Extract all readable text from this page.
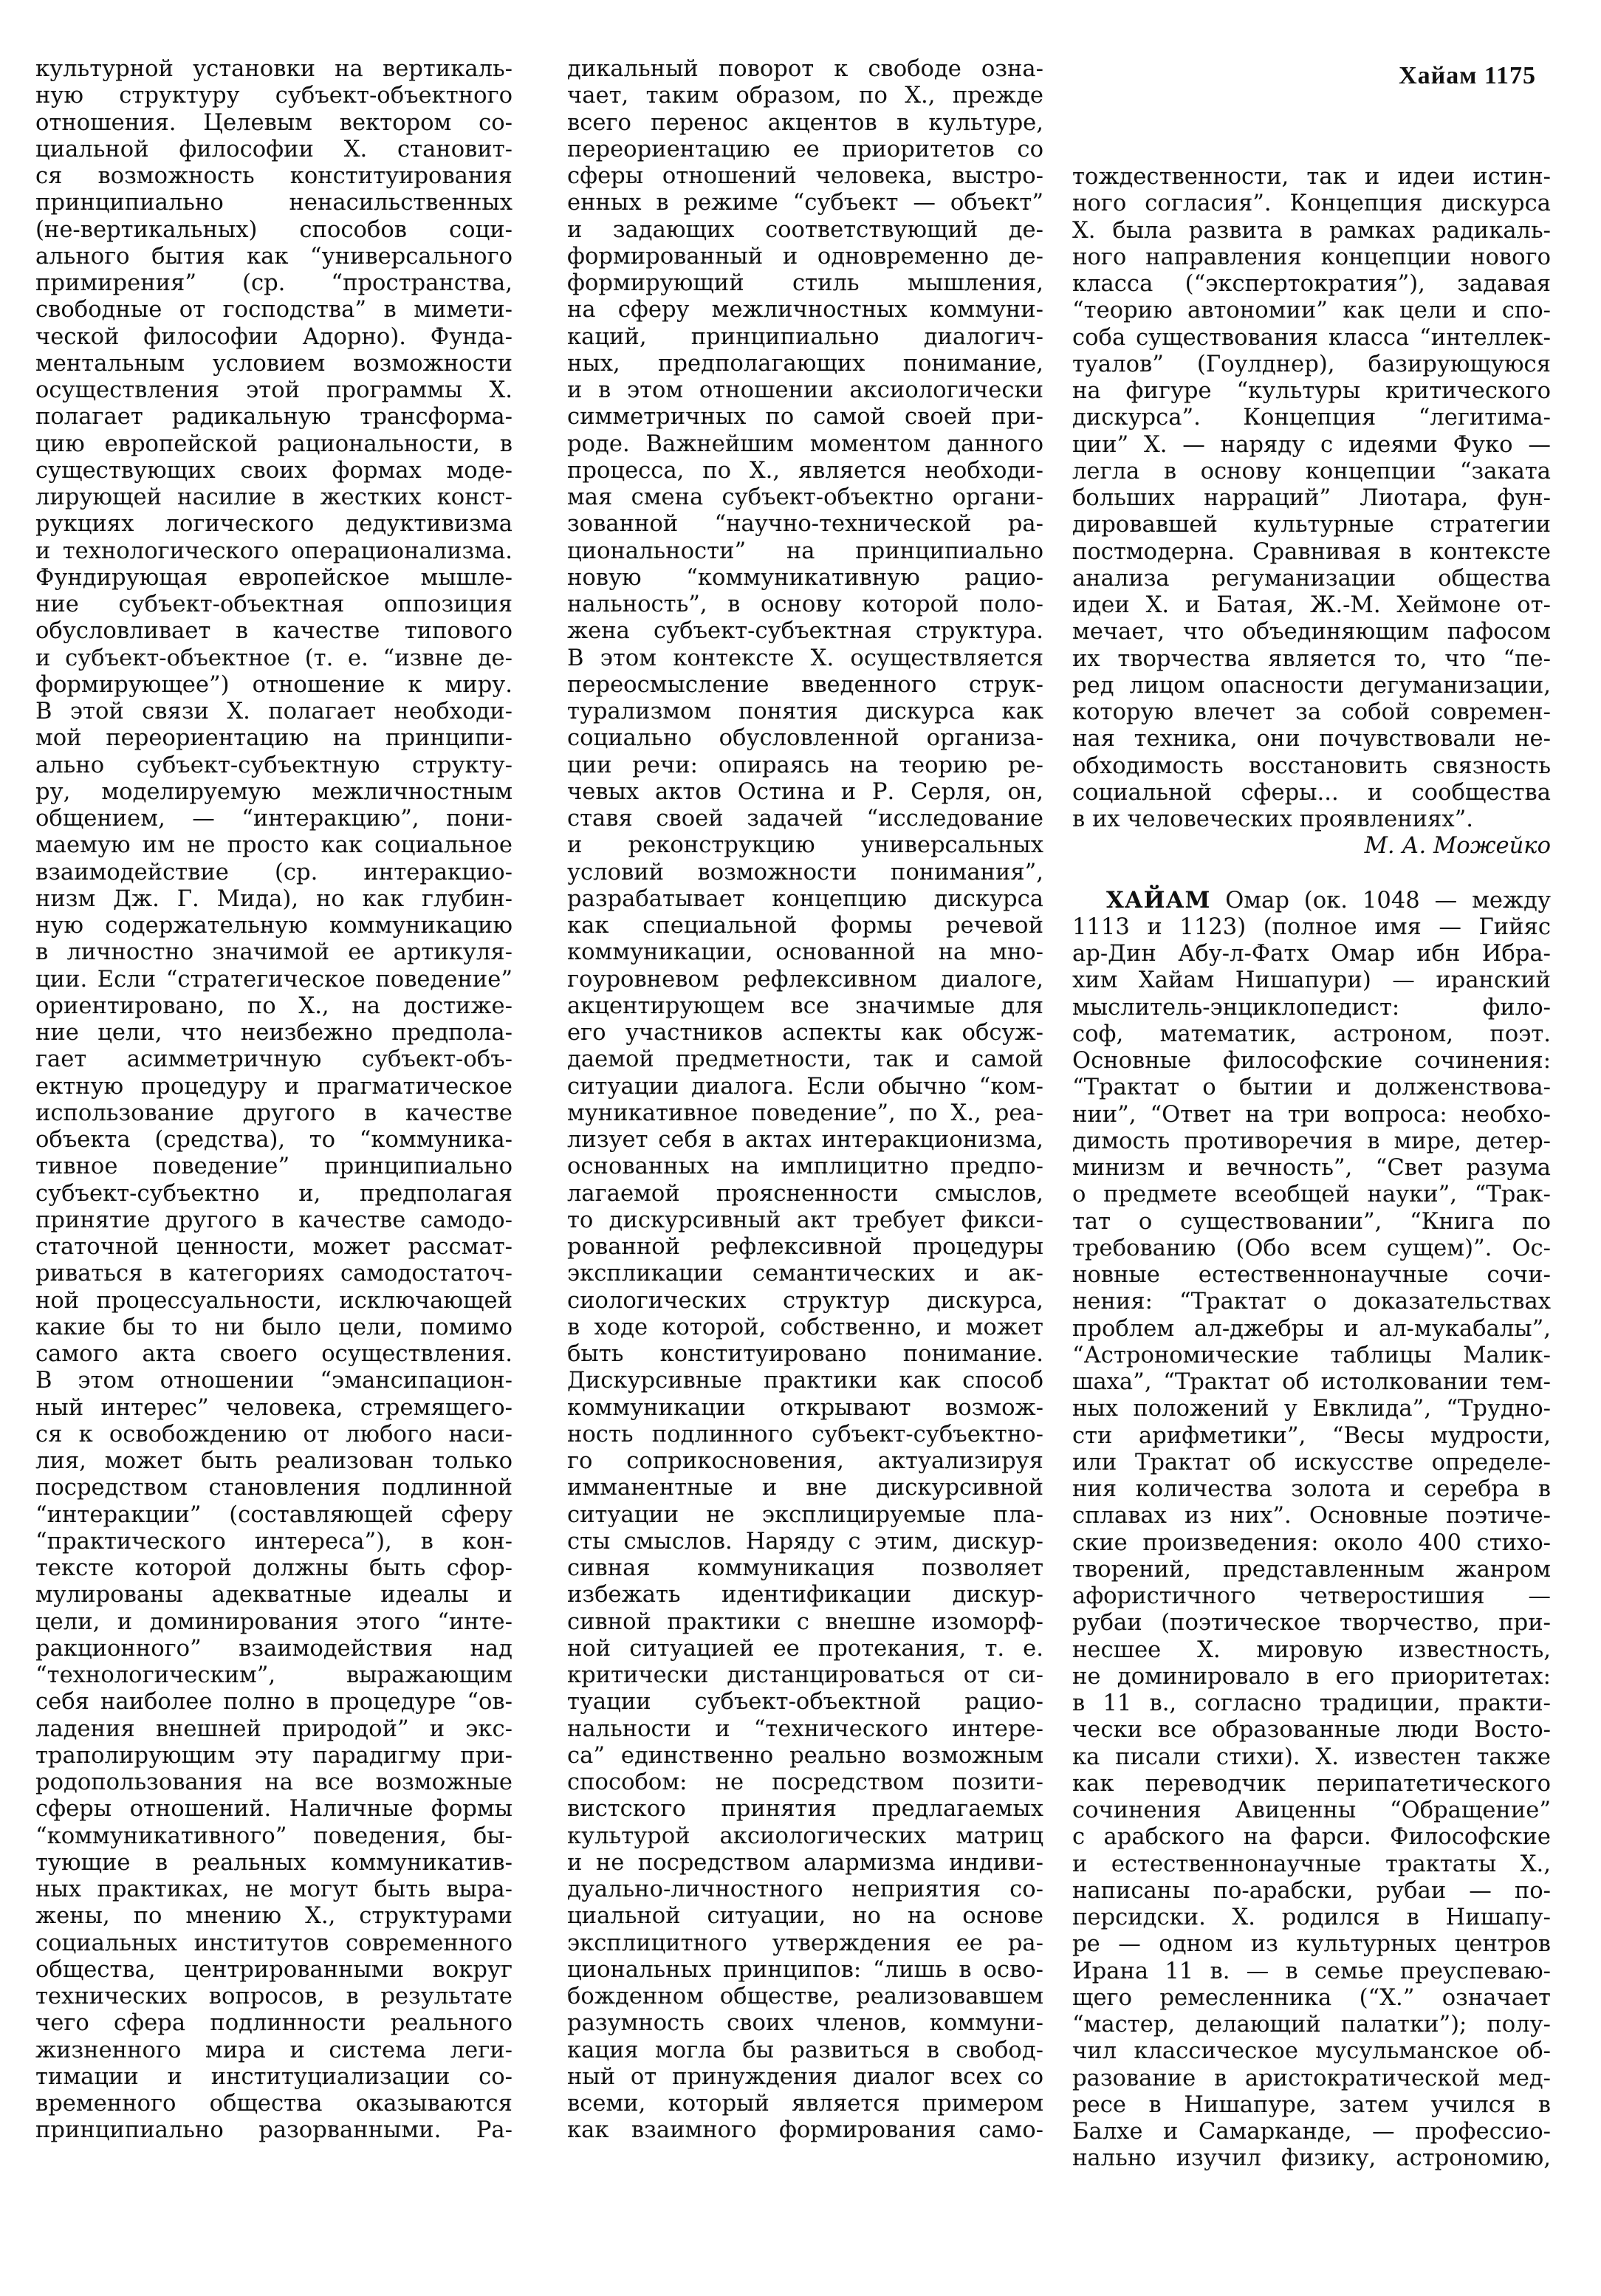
Хайам 1175
культурной установки на вертикаль-
ную структуру субъект-объектного
отношения. Целевым вектором со-
циальной философии Х. становит-
ся возможность конституирования
принципиально ненасильственных
(не-вертикальных) способов соци-
ального бытия как “универсального
примирения” (ср. “пространства,
свободные от господства” в мимети-
ческой философии Адорно). Фунда-
ментальным условием возможности
осуществления этой программы Х.
полагает радикальную трансформа-
цию европейской рациональности, в
существующих своих формах моде-
лирующей насилие в жестких конст-
рукциях логического дедуктивизма
и технологического операционализма.
Фундирующая европейское мышле-
ние субъект-объектная оппозиция
обусловливает в качестве типового
и субъект-объектное (т. е. “извне де-
формирующее”) отношение к миру.
В этой связи Х. полагает необходи-
мой переориентацию на принципи-
ально субъект-субъектную структу-
ру, моделируемую межличностным
общением, — “интеракцию”, пони-
маемую им не просто как социальное
взаимодействие (ср. интеракцио-
низм Дж. Г. Мида), но как глубин-
ную содержательную коммуникацию
в личностно значимой ее артикуля-
ции. Если “стратегическое поведение”
ориентировано, по Х., на достиже-
ние цели, что неизбежно предпола-
гает асимметричную субъект-объ-
ектную процедуру и прагматическое
использование другого в качестве
объекта (средства), то “коммуника-
тивное поведение” принципиально
субъект-субъектно и, предполагая
принятие другого в качестве самодо-
статочной ценности, может рассмат-
риваться в категориях самодостаточ-
ной процессуальности, исключающей
какие бы то ни было цели, помимо
самого акта своего осуществления.
В этом отношении “эмансипацион-
ный интерес” человека, стремящего-
ся к освобождению от любого наси-
лия, может быть реализован только
посредством становления подлинной
“интеракции” (составляющей сферу
“практического интереса”), в кон-
тексте которой должны быть сфор-
мулированы адекватные идеалы и
цели, и доминирования этого “инте-
ракционного” взаимодействия над
“технологическим”, выражающим
себя наиболее полно в процедуре “ов-
ладения внешней природой” и экс-
траполирующим эту парадигму при-
родопользования на все возможные
сферы отношений. Наличные формы
“коммуникативного” поведения, бы-
тующие в реальных коммуникатив-
ных практиках, не могут быть выра-
жены, по мнению Х., структурами
социальных институтов современного
общества, центрированными вокруг
технических вопросов, в результате
чего сфера подлинности реального
жизненного мира и система леги-
тимации и институциализации со-
временного общества оказываются
принципиально разорванными. Ра-
дикальный поворот к свободе озна-
чает, таким образом, по Х., прежде
всего перенос акцентов в культуре,
переориентацию ее приоритетов со
сферы отношений человека, выстро-
енных в режиме “субъект — объект”
и задающих соответствующий де-
формированный и одновременно де-
формирующий стиль мышления,
на сферу межличностных коммуни-
каций, принципиально диалогич-
ных, предполагающих понимание,
и в этом отношении аксиологически
симметричных по самой своей при-
роде. Важнейшим моментом данного
процесса, по Х., является необходи-
мая смена субъект-объектно органи-
зованной “научно-технической ра-
циональности” на принципиально
новую “коммуникативную рацио-
нальность”, в основу которой поло-
жена субъект-субъектная структура.
В этом контексте Х. осуществляется
переосмысление введенного струк-
турализмом понятия дискурса как
социально обусловленной организа-
ции речи: опираясь на теорию ре-
чевых актов Остина и Р. Серля, он,
ставя своей задачей “исследование
и реконструкцию универсальных
условий возможности понимания”,
разрабатывает концепцию дискурса
как специальной формы речевой
коммуникации, основанной на мно-
гоуровневом рефлексивном диалоге,
акцентирующем все значимые для
его участников аспекты как обсуж-
даемой предметности, так и самой
ситуации диалога. Если обычно “ком-
муникативное поведение”, по Х., реа-
лизует себя в актах интеракционизма,
основанных на имплицитно предпо-
лагаемой проясненности смыслов,
то дискурсивный акт требует фикси-
рованной рефлексивной процедуры
экспликации семантических и ак-
сиологических структур дискурса,
в ходе которой, собственно, и может
быть конституировано понимание.
Дискурсивные практики как способ
коммуникации открывают возмож-
ность подлинного субъект-субъектно-
го соприкосновения, актуализируя
имманентные и вне дискурсивной
ситуации не эксплицируемые пла-
сты смыслов. Наряду с этим, дискур-
сивная коммуникация позволяет
избежать идентификации дискур-
сивной практики с внешне изоморф-
ной ситуацией ее протекания, т. е.
критически дистанцироваться от си-
туации субъект-объектной рацио-
нальности и “технического интере-
са” единственно реально возможным
способом: не посредством позити-
вистского принятия предлагаемых
культурой аксиологических матриц
и не посредством алармизма индиви-
дуально-личностного неприятия со-
циальной ситуации, но на основе
эксплицитного утверждения ее ра-
циональных принципов: “лишь в осво-
божденном обществе, реализовавшем
разумность своих членов, коммуни-
кация могла бы развиться в свобод-
ный от принуждения диалог всех со
всеми, который является примером
как взаимного формирования само-
тождественности, так и идеи истин-
ного согласия”. Концепция дискурса
Х. была развита в рамках радикаль-
ного направления концепции нового
класса (“экспертократия”), задавая
“теорию автономии” как цели и спо-
соба существования класса “интеллек-
туалов” (Гоулднер), базирующуюся
на фигуре “культуры критического
дискурса”. Концепция “легитима-
ции” Х. — наряду с идеями Фуко —
легла в основу концепции “заката
больших нарраций” Лиотара, фун-
дировавшей культурные стратегии
постмодерна. Сравнивая в контексте
анализа регуманизации общества
идеи Х. и Батая, Ж.-М. Хеймоне от-
мечает, что объединяющим пафосом
их творчества является то, что “пе-
ред лицом опасности дегуманизации,
которую влечет за собой современ-
ная техника, они почувствовали не-
обходимость восстановить связность
социальной сферы... и сообщества
в их человеческих проявлениях”.
М. А. Можейко
ХАЙАМ Омар (ок. 1048 — между
1113 и 1123) (полное имя — Гийяс
ар-Дин Абу-л-Фатх Омар ибн Ибра-
хим Хайам Нишапури) — иранский
мыслитель-энциклопедист: фило-
соф, математик, астроном, поэт.
Основные философские сочинения:
“Трактат о бытии и долженствова-
нии”, “Ответ на три вопроса: необхо-
димость противоречия в мире, детер-
минизм и вечность”, “Свет разума
о предмете всеобщей науки”, “Трак-
тат о существовании”, “Книга по
требованию (Обо всем сущем)”. Ос-
новные естественнонаучные сочи-
нения: “Трактат о доказательствах
проблем ал-джебры и ал-мукабалы”,
“Астрономические таблицы Малик-
шаха”, “Трактат об истолковании тем-
ных положений у Евклида”, “Трудно-
сти арифметики”, “Весы мудрости,
или Трактат об искусстве определе-
ния количества золота и серебра в
сплавах из них”. Основные поэтиче-
ские произведения: около 400 стихо-
творений, представленным жанром
афористичного четверостишия —
рубаи (поэтическое творчество, при-
несшее Х. мировую известность,
не доминировало в его приоритетах:
в 11 в., согласно традиции, практи-
чески все образованные люди Восто-
ка писали стихи). Х. известен также
как переводчик перипатетического
сочинения Авиценны “Обращение”
с арабского на фарси. Философские
и естественнонаучные трактаты Х.,
написаны по-арабски, рубаи — по-
персидски. Х. родился в Нишапу-
ре — одном из культурных центров
Ирана 11 в. — в семье преуспеваю-
щего ремесленника (“Х.” означает
“мастер, делающий палатки”); полу-
чил классическое мусульманское об-
разование в аристократической мед-
ресе в Нишапуре, затем учился в
Балхе и Самарканде, — профессио-
нально изучил физику, астрономию,
